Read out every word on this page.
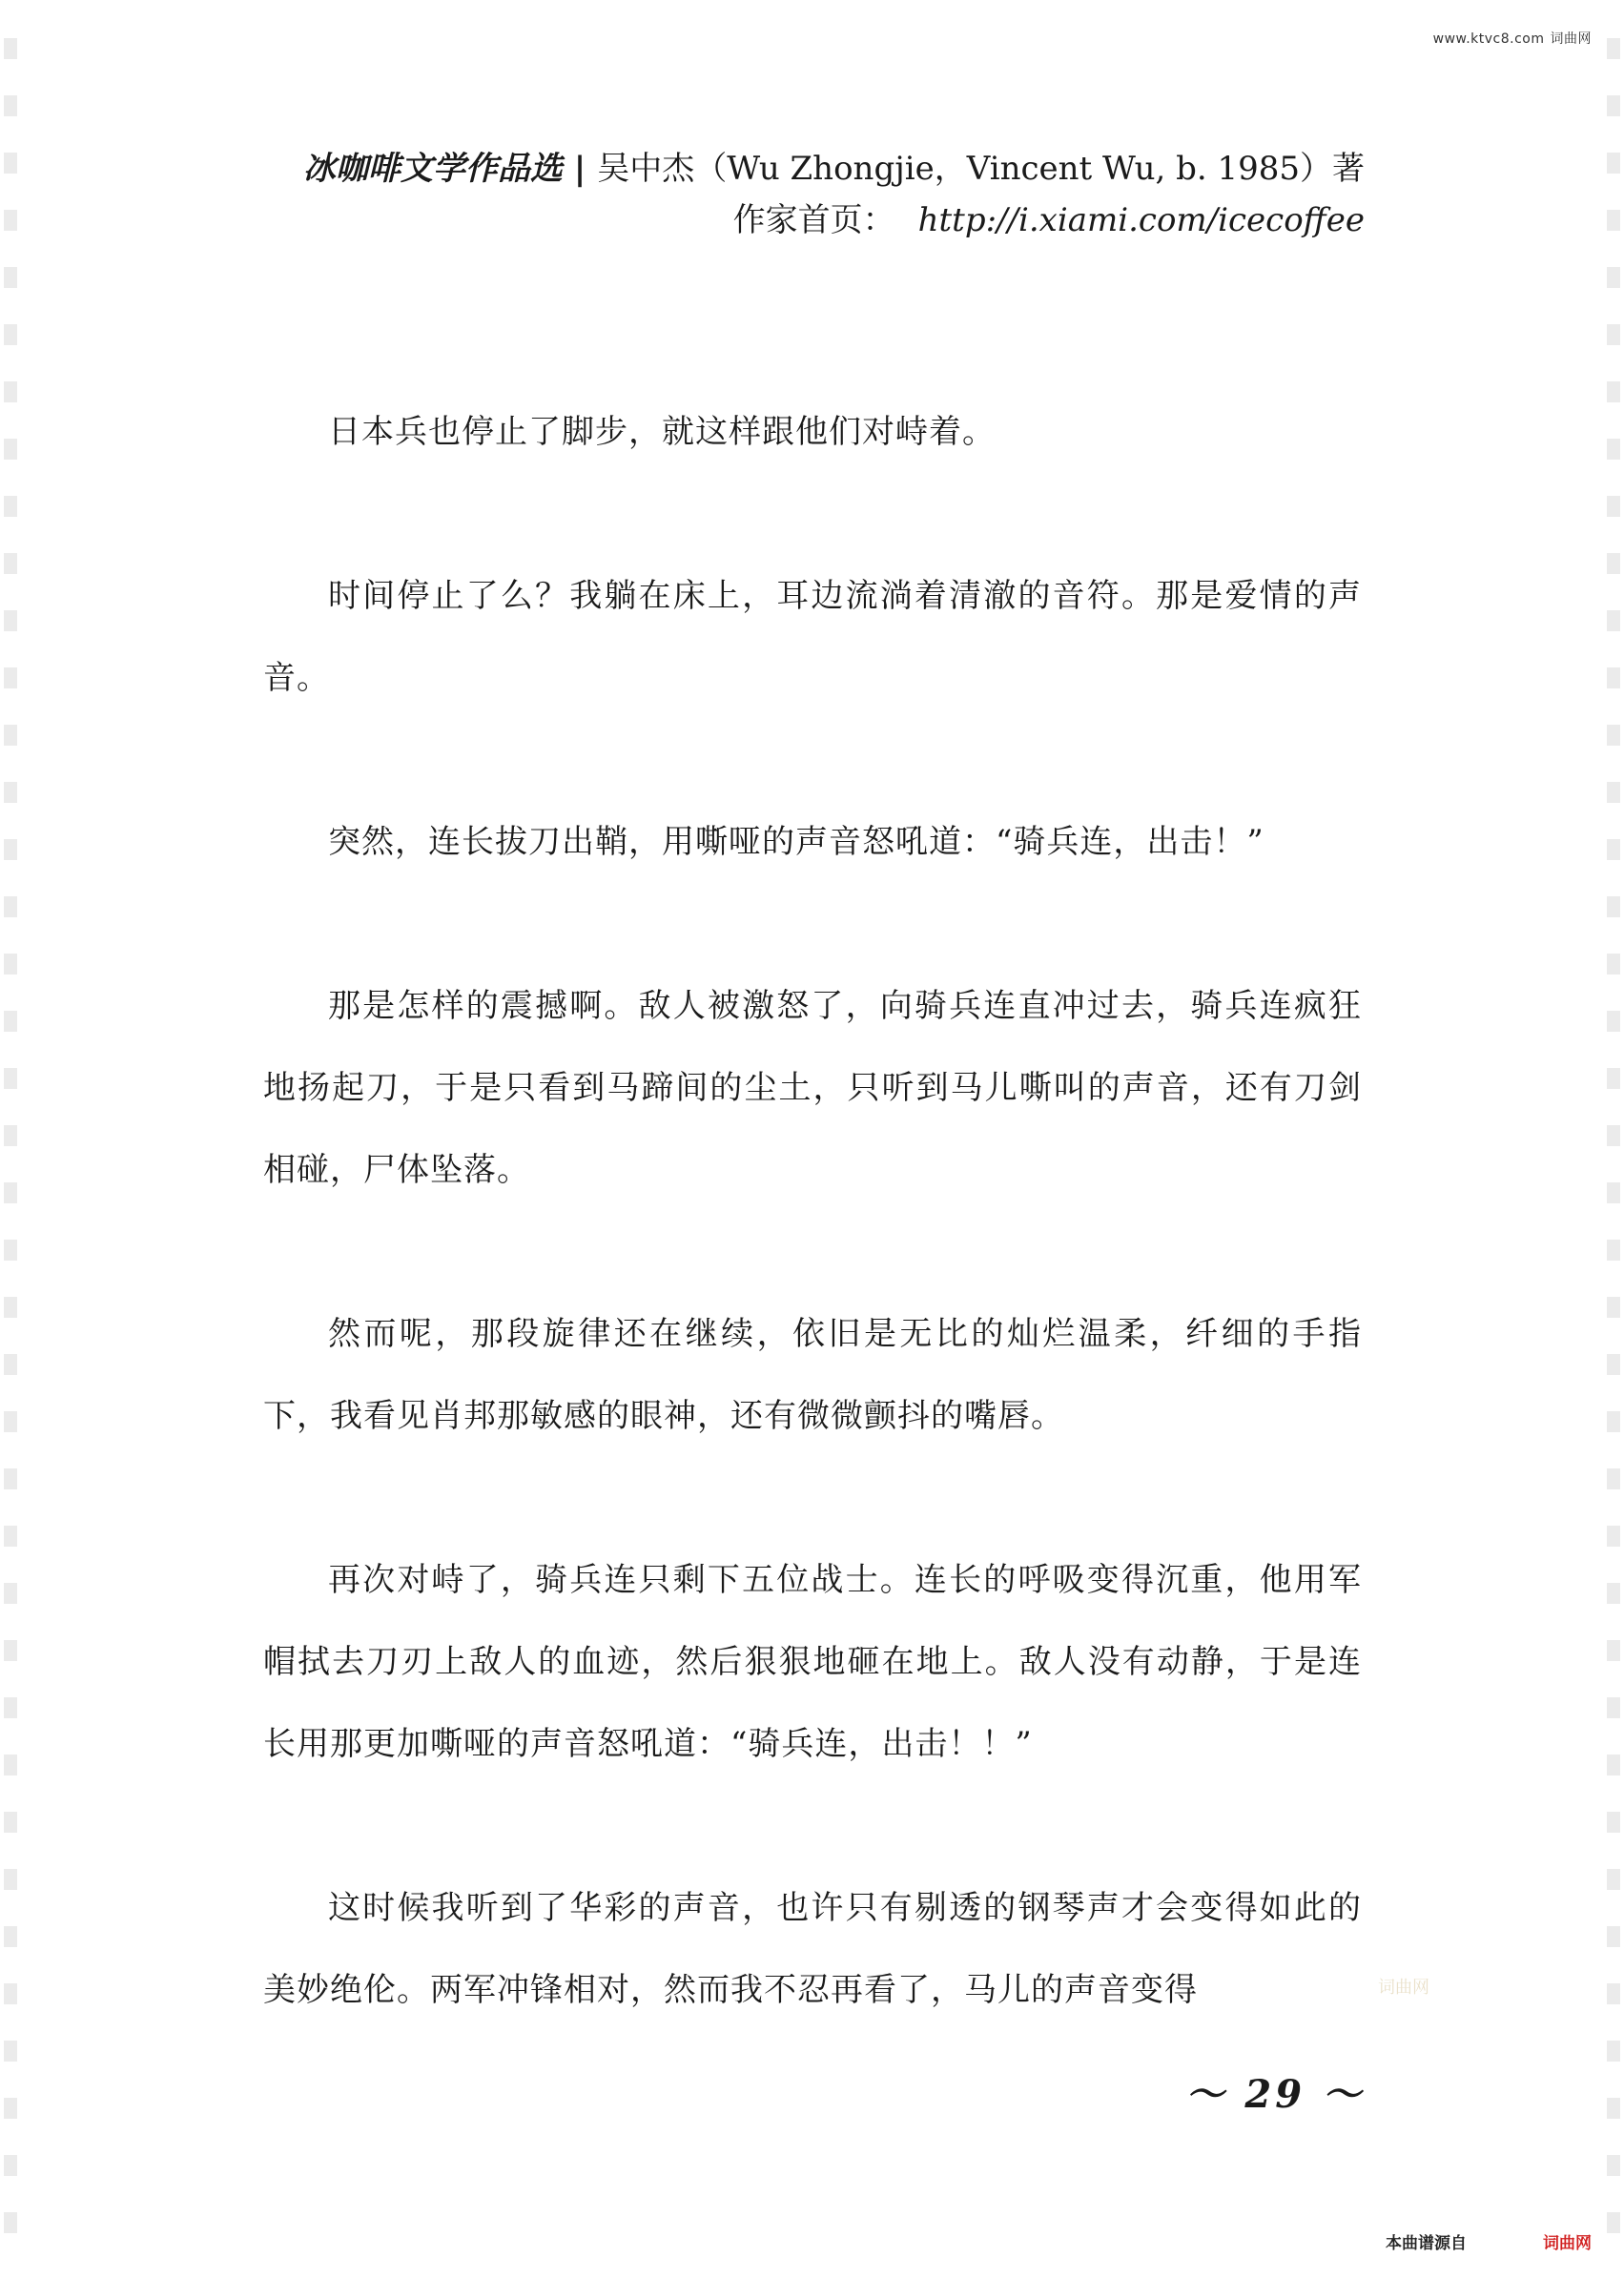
www.ktvc8.com 词曲网
冰咖啡文学作品选 | 吴中杰（Wu Zhongjie，Vincent Wu, b. 1985）著
作家首页： http://i.xiami.com/icecoffee

日本兵也停止了脚步，就这样跟他们对峙着。

时间停止了么？我躺在床上，耳边流淌着清澈的音符。那是爱情的声音。

突然，连长拔刀出鞘，用嘶哑的声音怒吼道：“骑兵连，出击！”

那是怎样的震撼啊。敌人被激怒了，向骑兵连直冲过去，骑兵连疯狂地扬起刀，于是只看到马蹄间的尘土，只听到马儿嘶叫的声音，还有刀剑相碰，尸体坠落。

然而呢，那段旋律还在继续，依旧是无比的灿烂温柔，纤细的手指下，我看见肖邦那敏感的眼神，还有微微颤抖的嘴唇。

再次对峙了，骑兵连只剩下五位战士。连长的呼吸变得沉重，他用军帽拭去刀刃上敌人的血迹，然后狠狠地砸在地上。敌人没有动静，于是连长用那更加嘶哑的声音怒吼道：“骑兵连，出击！！”

这时候我听到了华彩的声音，也许只有剔透的钢琴声才会变得如此的美妙绝伦。两军冲锋相对，然而我不忍再看了，马儿的声音变得	词曲网
～ 29 ～
本曲谱源自	词曲网
